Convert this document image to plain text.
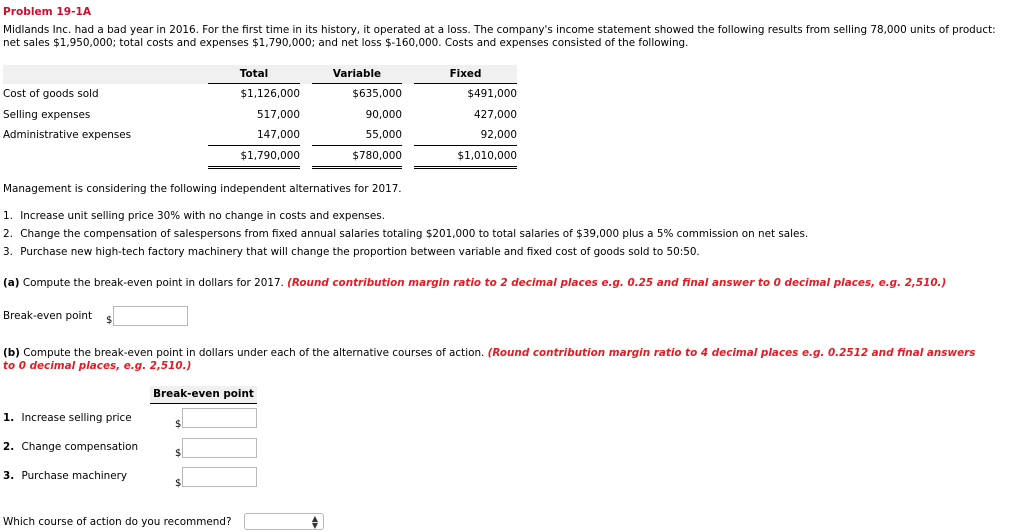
Problem 19-1A
Midlands Inc. had a bad year in 2016. For the first time in its history, it operated at a loss. The company's income statement showed the following results from selling 78,000 units of product: net sales $1,950,000; total costs and expenses $1,790,000; and net loss $-160,000. Costs and expenses consisted of the following.
	Total		Variable		Fixed
Cost of goods sold	$1,126,000		$635,000		$491,000
Selling expenses	517,000		90,000		427,000
Administrative expenses	147,000		55,000		92,000
	$1,790,000		$780,000		$1,010,000
Management is considering the following independent alternatives for 2017.
1. Increase unit selling price 30% with no change in costs and expenses.
2. Change the compensation of salespersons from fixed annual salaries totaling $201,000 to total salaries of $39,000 plus a 5% commission on net sales.
3. Purchase new high-tech factory machinery that will change the proportion between variable and fixed cost of goods sold to 50:50.
(a) Compute the break-even point in dollars for 2017. (Round contribution margin ratio to 2 decimal places e.g. 0.25 and final answer to 0 decimal places, e.g. 2,510.)
Break-even point $
(b) Compute the break-even point in dollars under each of the alternative courses of action. (Round contribution margin ratio to 4 decimal places e.g. 0.2512 and final answers
to 0 decimal places, e.g. 2,510.)
Break-even point
1. Increase selling price
$
2. Change compensation
$
3. Purchase machinery
$
Which course of action do you recommend?	▲
▼
